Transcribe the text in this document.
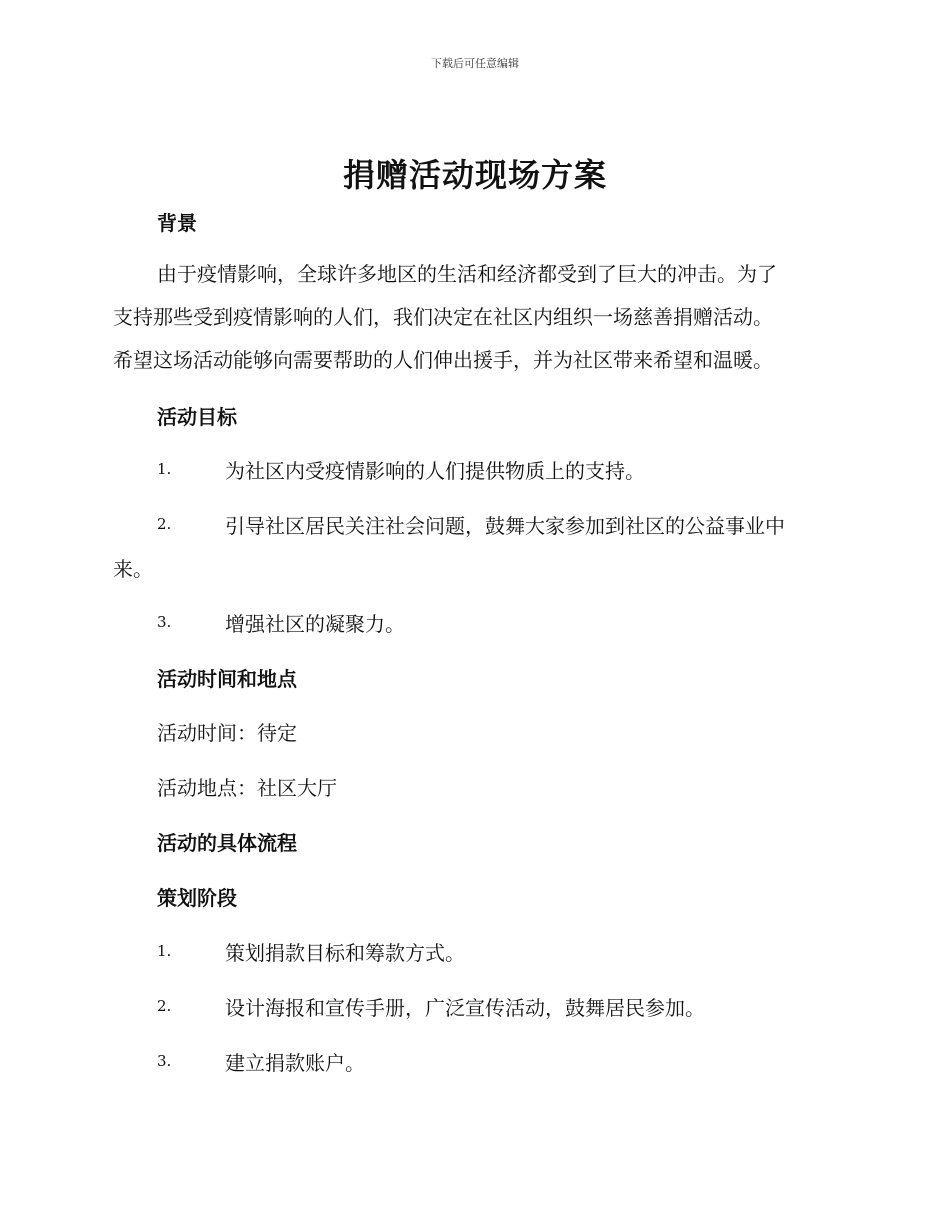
下载后可任意编辑
捐赠活动现场方案

背景

由于疫情影响，全球许多地区的生活和经济都受到了巨大的冲击。为了

支持那些受到疫情影响的人们，我们决定在社区内组织一场慈善捐赠活动。

希望这场活动能够向需要帮助的人们伸出援手，并为社区带来希望和温暖。

活动目标

1.	为社区内受疫情影响的人们提供物质上的支持。

2.	引导社区居民关注社会问题，鼓舞大家参加到社区的公益事业中

来。

3.	增强社区的凝聚力。

活动时间和地点

活动时间：待定

活动地点：社区大厅

活动的具体流程

策划阶段

1.	策划捐款目标和筹款方式。

2.	设计海报和宣传手册，广泛宣传活动，鼓舞居民参加。

3.	建立捐款账户。
